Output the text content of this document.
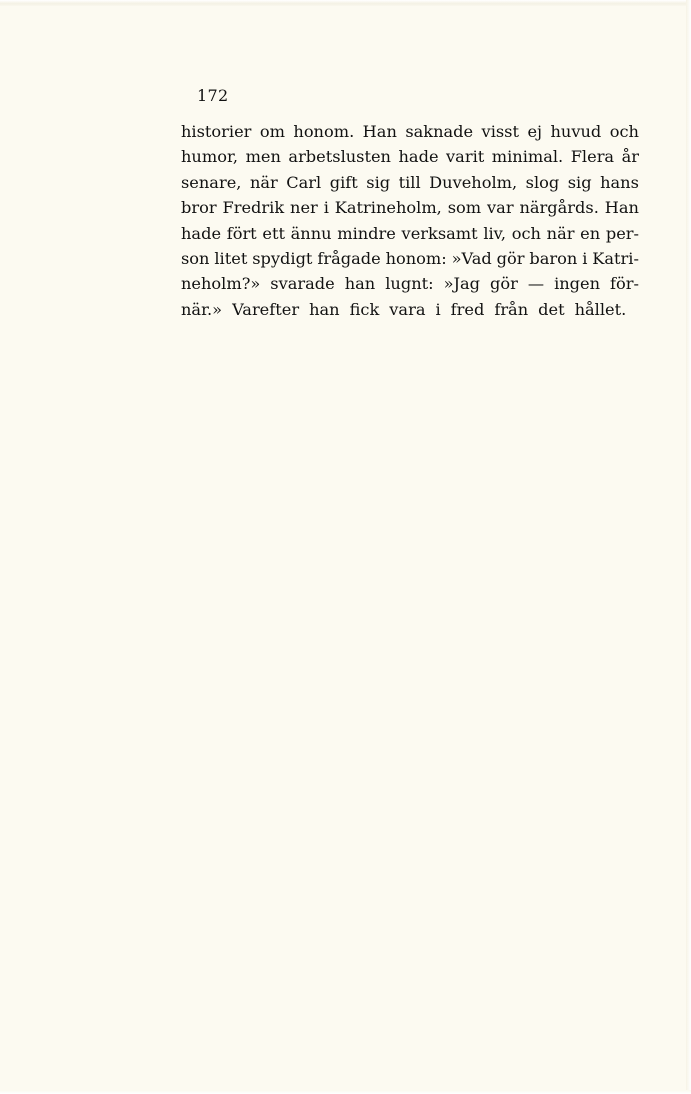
172
historier om honom. Han saknade visst ej huvud och
humor, men arbetslusten hade varit minimal. Flera år
senare, när Carl gift sig till Duveholm, slog sig hans
bror Fredrik ner i Katrineholm, som var närgårds. Han
hade fört ett ännu mindre verksamt liv, och när en per-
son litet spydigt frågade honom: »Vad gör baron i Katri-
neholm?» svarade han lugnt: »Jag gör — ingen för-
när.» Varefter han fick vara i fred från det hållet.
